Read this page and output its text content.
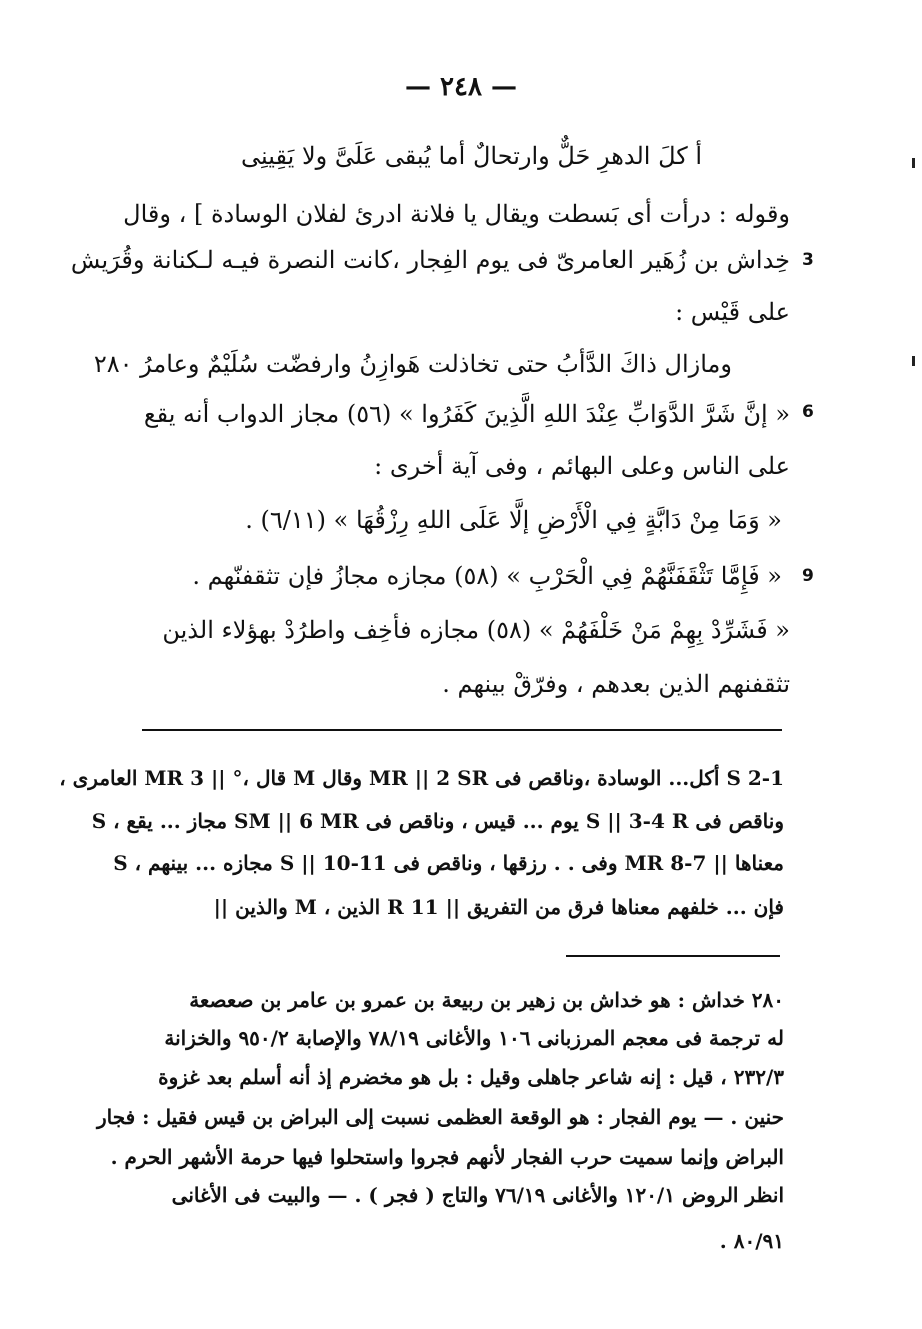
— ٢٤٨ —
أ كلَ الدهرِ حَلٌّ وارتحالٌ أما يُبقى عَلَىَّ ولا يَقِينِى
وقوله : درأت أى بَسطت ويقال يا فلانة ادرئ لفلان الوسادة ] ، وقال
3
خِداش بن زُهَير العامرىّ فى يوم الفِجار ،كانت النصرة فيـه لـكنانة وقُرَيش
على قَيْس :
ومازال ذاكَ الدَّأبُ حتى تخاذلت هَوازِنُ وارفضّت سُلَيْمٌ وعامرُ ٢٨٠
6
« إنَّ شَرَّ الدَّوَابِّ عِنْدَ اللهِ الَّذِينَ كَفَرُوا » (٥٦) مجاز الدواب أنه يقع
على الناس وعلى البهائم ، وفى آية أخرى :
« وَمَا مِنْ دَابَّةٍ فِي الْأَرْضِ إلَّا عَلَى اللهِ رِزْقُهَا » (٦/١١) .
9
« فَإِمَّا تَثْقَفَنَّهُمْ فِي الْحَرْبِ » (٥٨) مجازه مجازُ فإن تثقفنّهم .
« فَشَرِّدْ بِهِمْ مَنْ خَلْفَهُمْ » (٥٨) مجازه فأخِف واطرُدْ بهؤلاء الذين
تثقفنهم الذين بعدهم ، وفرّقْ بينهم .
2-1 S أكل... الوسادة ،وناقص فى MR || 2 SR وقال M قال ،° || 3 MR العامرى ،
وناقص فى S || 3-4 R يوم ... قيس ، وناقص فى SM || 6 MR مجاز ... يقع ، S
معناها || 7-8 MR وفى . . رزقها ، وناقص فى S || 10-11 مجازه ... بينهم ، S
فإن ... خلفهم معناها فرق من التفريق || 11 R الذين ، M والذين ||
٢٨٠ خداش : هو خداش بن زهير بن ربيعة بن عمرو بن عامر بن صعصعة
له ترجمة فى معجم المرزبانى ١٠٦ والأغانى ٧٨/١٩ والإصابة ٩٥٠/٢ والخزانة
٢٣٢/٣ ، قيل : إنه شاعر جاهلى وقيل : بل هو مخضرم إذ أنه أسلم بعد غزوة
حنين . — يوم الفجار : هو الوقعة العظمى نسبت إلى البراض بن قيس فقيل : فجار
البراض وإنما سميت حرب الفجار لأنهم فجروا واستحلوا فيها حرمة الأشهر الحرم .
انظر الروض ١٢٠/١ والأغانى ٧٦/١٩ والتاج ( فجر ) . — والبيت فى الأغانى
٨٠/٩١ .
